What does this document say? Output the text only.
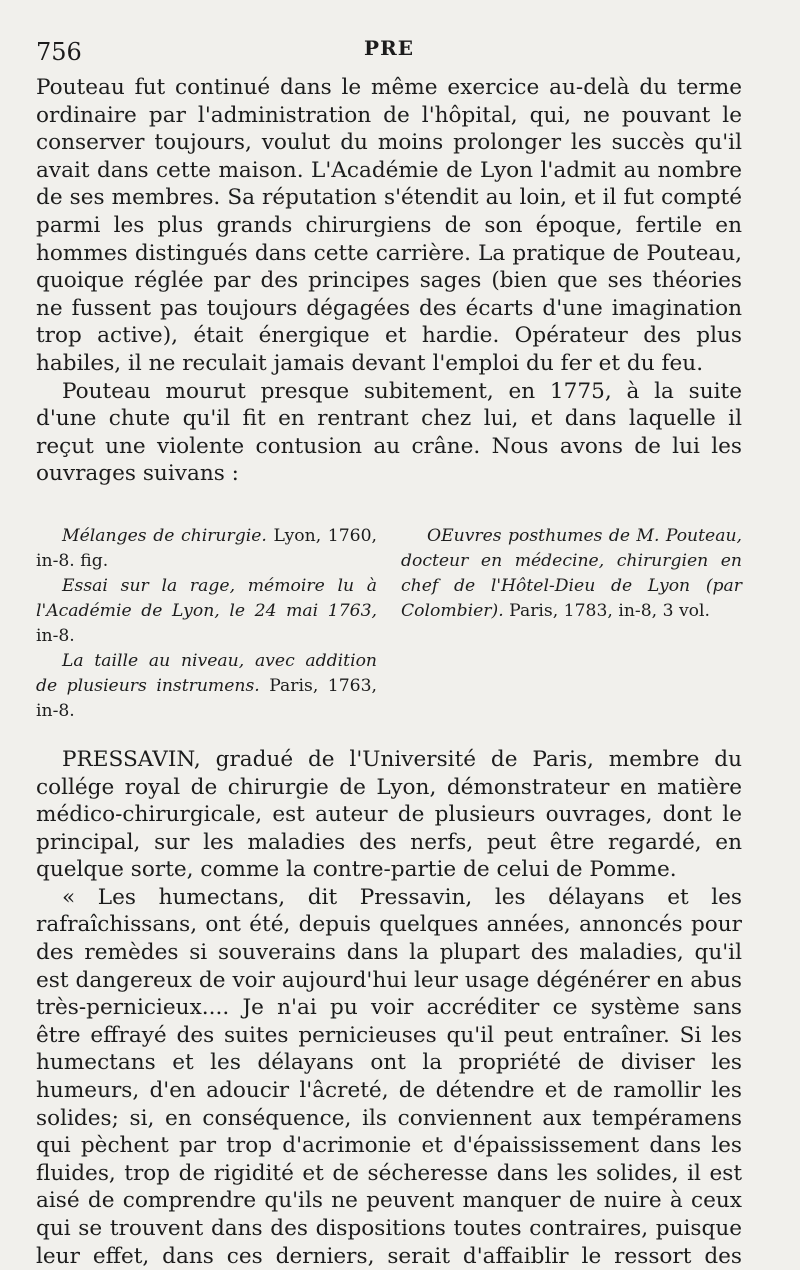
756	PRE

Pouteau fut continué dans le même exercice au-delà du terme ordinaire par l'administration de l'hôpital, qui, ne pouvant le conserver toujours, voulut du moins prolonger les succès qu'il avait dans cette maison. L'Académie de Lyon l'admit au nombre de ses membres. Sa réputation s'étendit au loin, et il fut compté parmi les plus grands chirurgiens de son époque, fertile en hommes distingués dans cette carrière. La pratique de Pouteau, quoique réglée par des principes sages (bien que ses théories ne fussent pas toujours dégagées des écarts d'une imagination trop active), était énergique et hardie. Opérateur des plus habiles, il ne reculait jamais devant l'emploi du fer et du feu.

Pouteau mourut presque subitement, en 1775, à la suite d'une chute qu'il fit en rentrant chez lui, et dans laquelle il reçut une violente contusion au crâne. Nous avons de lui les ouvrages suivans :

Mélanges de chirurgie. Lyon, 1760, in-8. fig.

Essai sur la rage, mémoire lu à l'Académie de Lyon, le 24 mai 1763, in-8.

La taille au niveau, avec addition de plusieurs instrumens. Paris, 1763, in-8.

OEuvres posthumes de M. Pouteau, docteur en médecine, chirurgien en chef de l'Hôtel-Dieu de Lyon (par Colombier). Paris, 1783, in-8, 3 vol.

PRESSAVIN, gradué de l'Université de Paris, membre du collége royal de chirurgie de Lyon, démonstrateur en matière médico-chirurgicale, est auteur de plusieurs ouvrages, dont le principal, sur les maladies des nerfs, peut être regardé, en quelque sorte, comme la contre-partie de celui de Pomme.

« Les humectans, dit Pressavin, les délayans et les rafraîchissans, ont été, depuis quelques années, annoncés pour des remèdes si souverains dans la plupart des maladies, qu'il est dangereux de voir aujourd'hui leur usage dégénérer en abus très-pernicieux.... Je n'ai pu voir accréditer ce système sans être effrayé des suites pernicieuses qu'il peut entraîner. Si les humectans et les délayans ont la propriété de diviser les humeurs, d'en adoucir l'âcreté, de détendre et de ramollir les solides; si, en conséquence, ils conviennent aux tempéramens qui pèchent par trop d'acrimonie et d'épaississement dans les fluides, trop de rigidité et de sécheresse dans les solides, il est aisé de comprendre qu'ils ne peuvent manquer de nuire à ceux qui se trouvent dans des dispositions toutes contraires, puisque leur effet, dans ces derniers, serait d'affaiblir le ressort des
